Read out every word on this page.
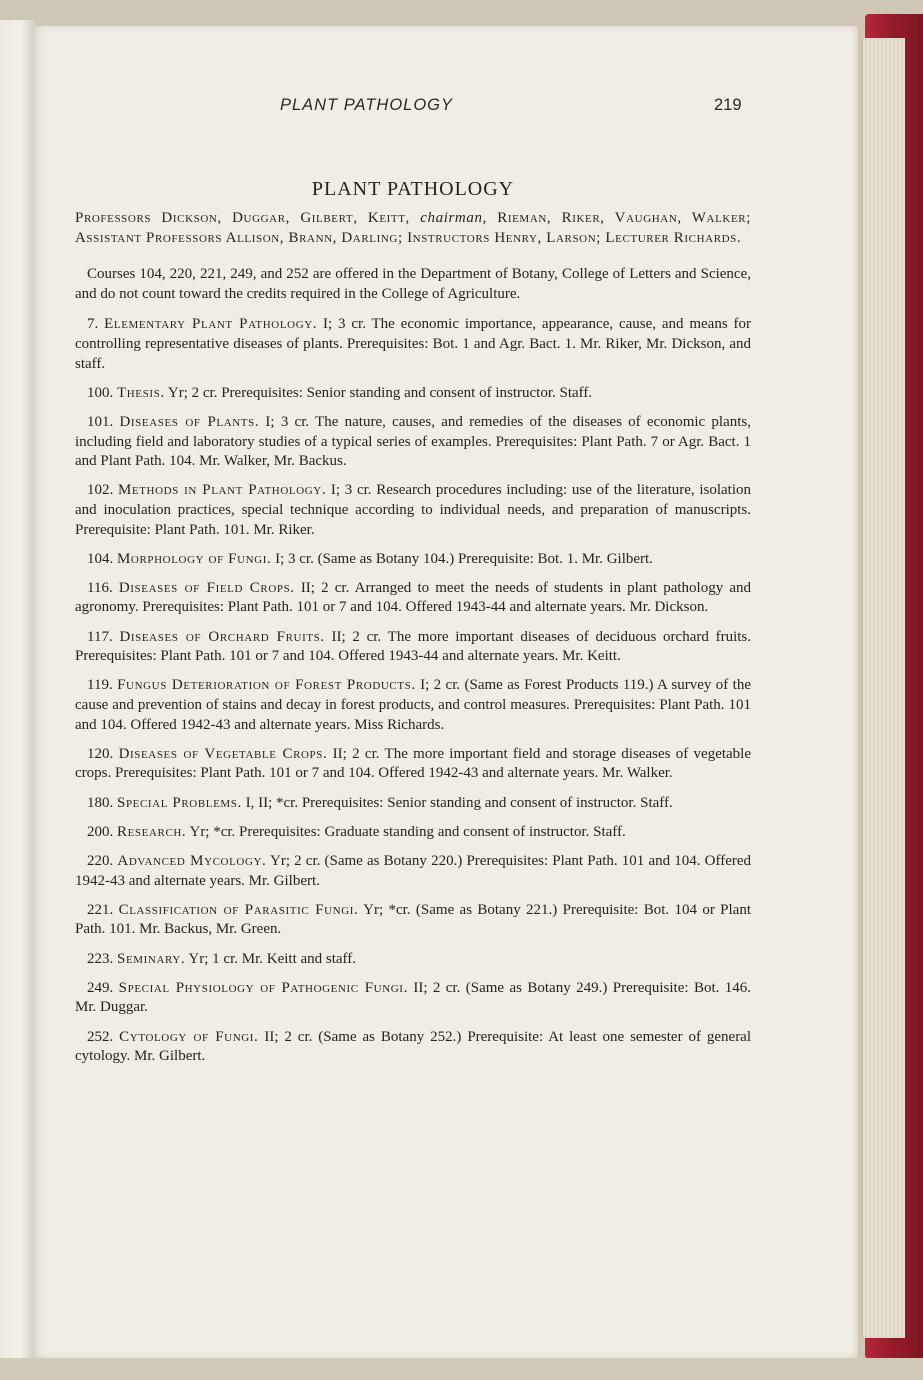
PLANT PATHOLOGY	219
PLANT PATHOLOGY

Professors Dickson, Duggar, Gilbert, Keitt, chairman, Rieman, Riker, Vaughan, Walker; Assistant Professors Allison, Brann, Darling; Instructors Henry, Larson; Lecturer Richards.

Courses 104, 220, 221, 249, and 252 are offered in the Department of Botany, College of Letters and Science, and do not count toward the credits required in the College of Agriculture.

7. Elementary Plant Pathology. I; 3 cr. The economic importance, appearance, cause, and means for controlling representative diseases of plants. Prerequisites: Bot. 1 and Agr. Bact. 1. Mr. Riker, Mr. Dickson, and staff.

100. Thesis. Yr; 2 cr. Prerequisites: Senior standing and consent of instructor. Staff.

101. Diseases of Plants. I; 3 cr. The nature, causes, and remedies of the diseases of economic plants, including field and laboratory studies of a typical series of examples. Prerequisites: Plant Path. 7 or Agr. Bact. 1 and Plant Path. 104. Mr. Walker, Mr. Backus.

102. Methods in Plant Pathology. I; 3 cr. Research procedures including: use of the literature, isolation and inoculation practices, special technique according to individual needs, and preparation of manuscripts. Prerequisite: Plant Path. 101. Mr. Riker.

104. Morphology of Fungi. I; 3 cr. (Same as Botany 104.) Prerequisite: Bot. 1. Mr. Gilbert.

116. Diseases of Field Crops. II; 2 cr. Arranged to meet the needs of students in plant pathology and agronomy. Prerequisites: Plant Path. 101 or 7 and 104. Offered 1943-44 and alternate years. Mr. Dickson.

117. Diseases of Orchard Fruits. II; 2 cr. The more important diseases of deciduous orchard fruits. Prerequisites: Plant Path. 101 or 7 and 104. Offered 1943-44 and alternate years. Mr. Keitt.

119. Fungus Deterioration of Forest Products. I; 2 cr. (Same as Forest Products 119.) A survey of the cause and prevention of stains and decay in forest products, and control measures. Prerequisites: Plant Path. 101 and 104. Offered 1942-43 and alternate years. Miss Richards.

120. Diseases of Vegetable Crops. II; 2 cr. The more important field and storage diseases of vegetable crops. Prerequisites: Plant Path. 101 or 7 and 104. Offered 1942-43 and alternate years. Mr. Walker.

180. Special Problems. I, II; *cr. Prerequisites: Senior standing and consent of instructor. Staff.

200. Research. Yr; *cr. Prerequisites: Graduate standing and consent of instructor. Staff.

220. Advanced Mycology. Yr; 2 cr. (Same as Botany 220.) Prerequisites: Plant Path. 101 and 104. Offered 1942-43 and alternate years. Mr. Gilbert.

221. Classification of Parasitic Fungi. Yr; *cr. (Same as Botany 221.) Prerequisite: Bot. 104 or Plant Path. 101. Mr. Backus, Mr. Green.

223. Seminary. Yr; 1 cr. Mr. Keitt and staff.

249. Special Physiology of Pathogenic Fungi. II; 2 cr. (Same as Botany 249.) Prerequisite: Bot. 146. Mr. Duggar.

252. Cytology of Fungi. II; 2 cr. (Same as Botany 252.) Prerequisite: At least one semester of general cytology. Mr. Gilbert.
